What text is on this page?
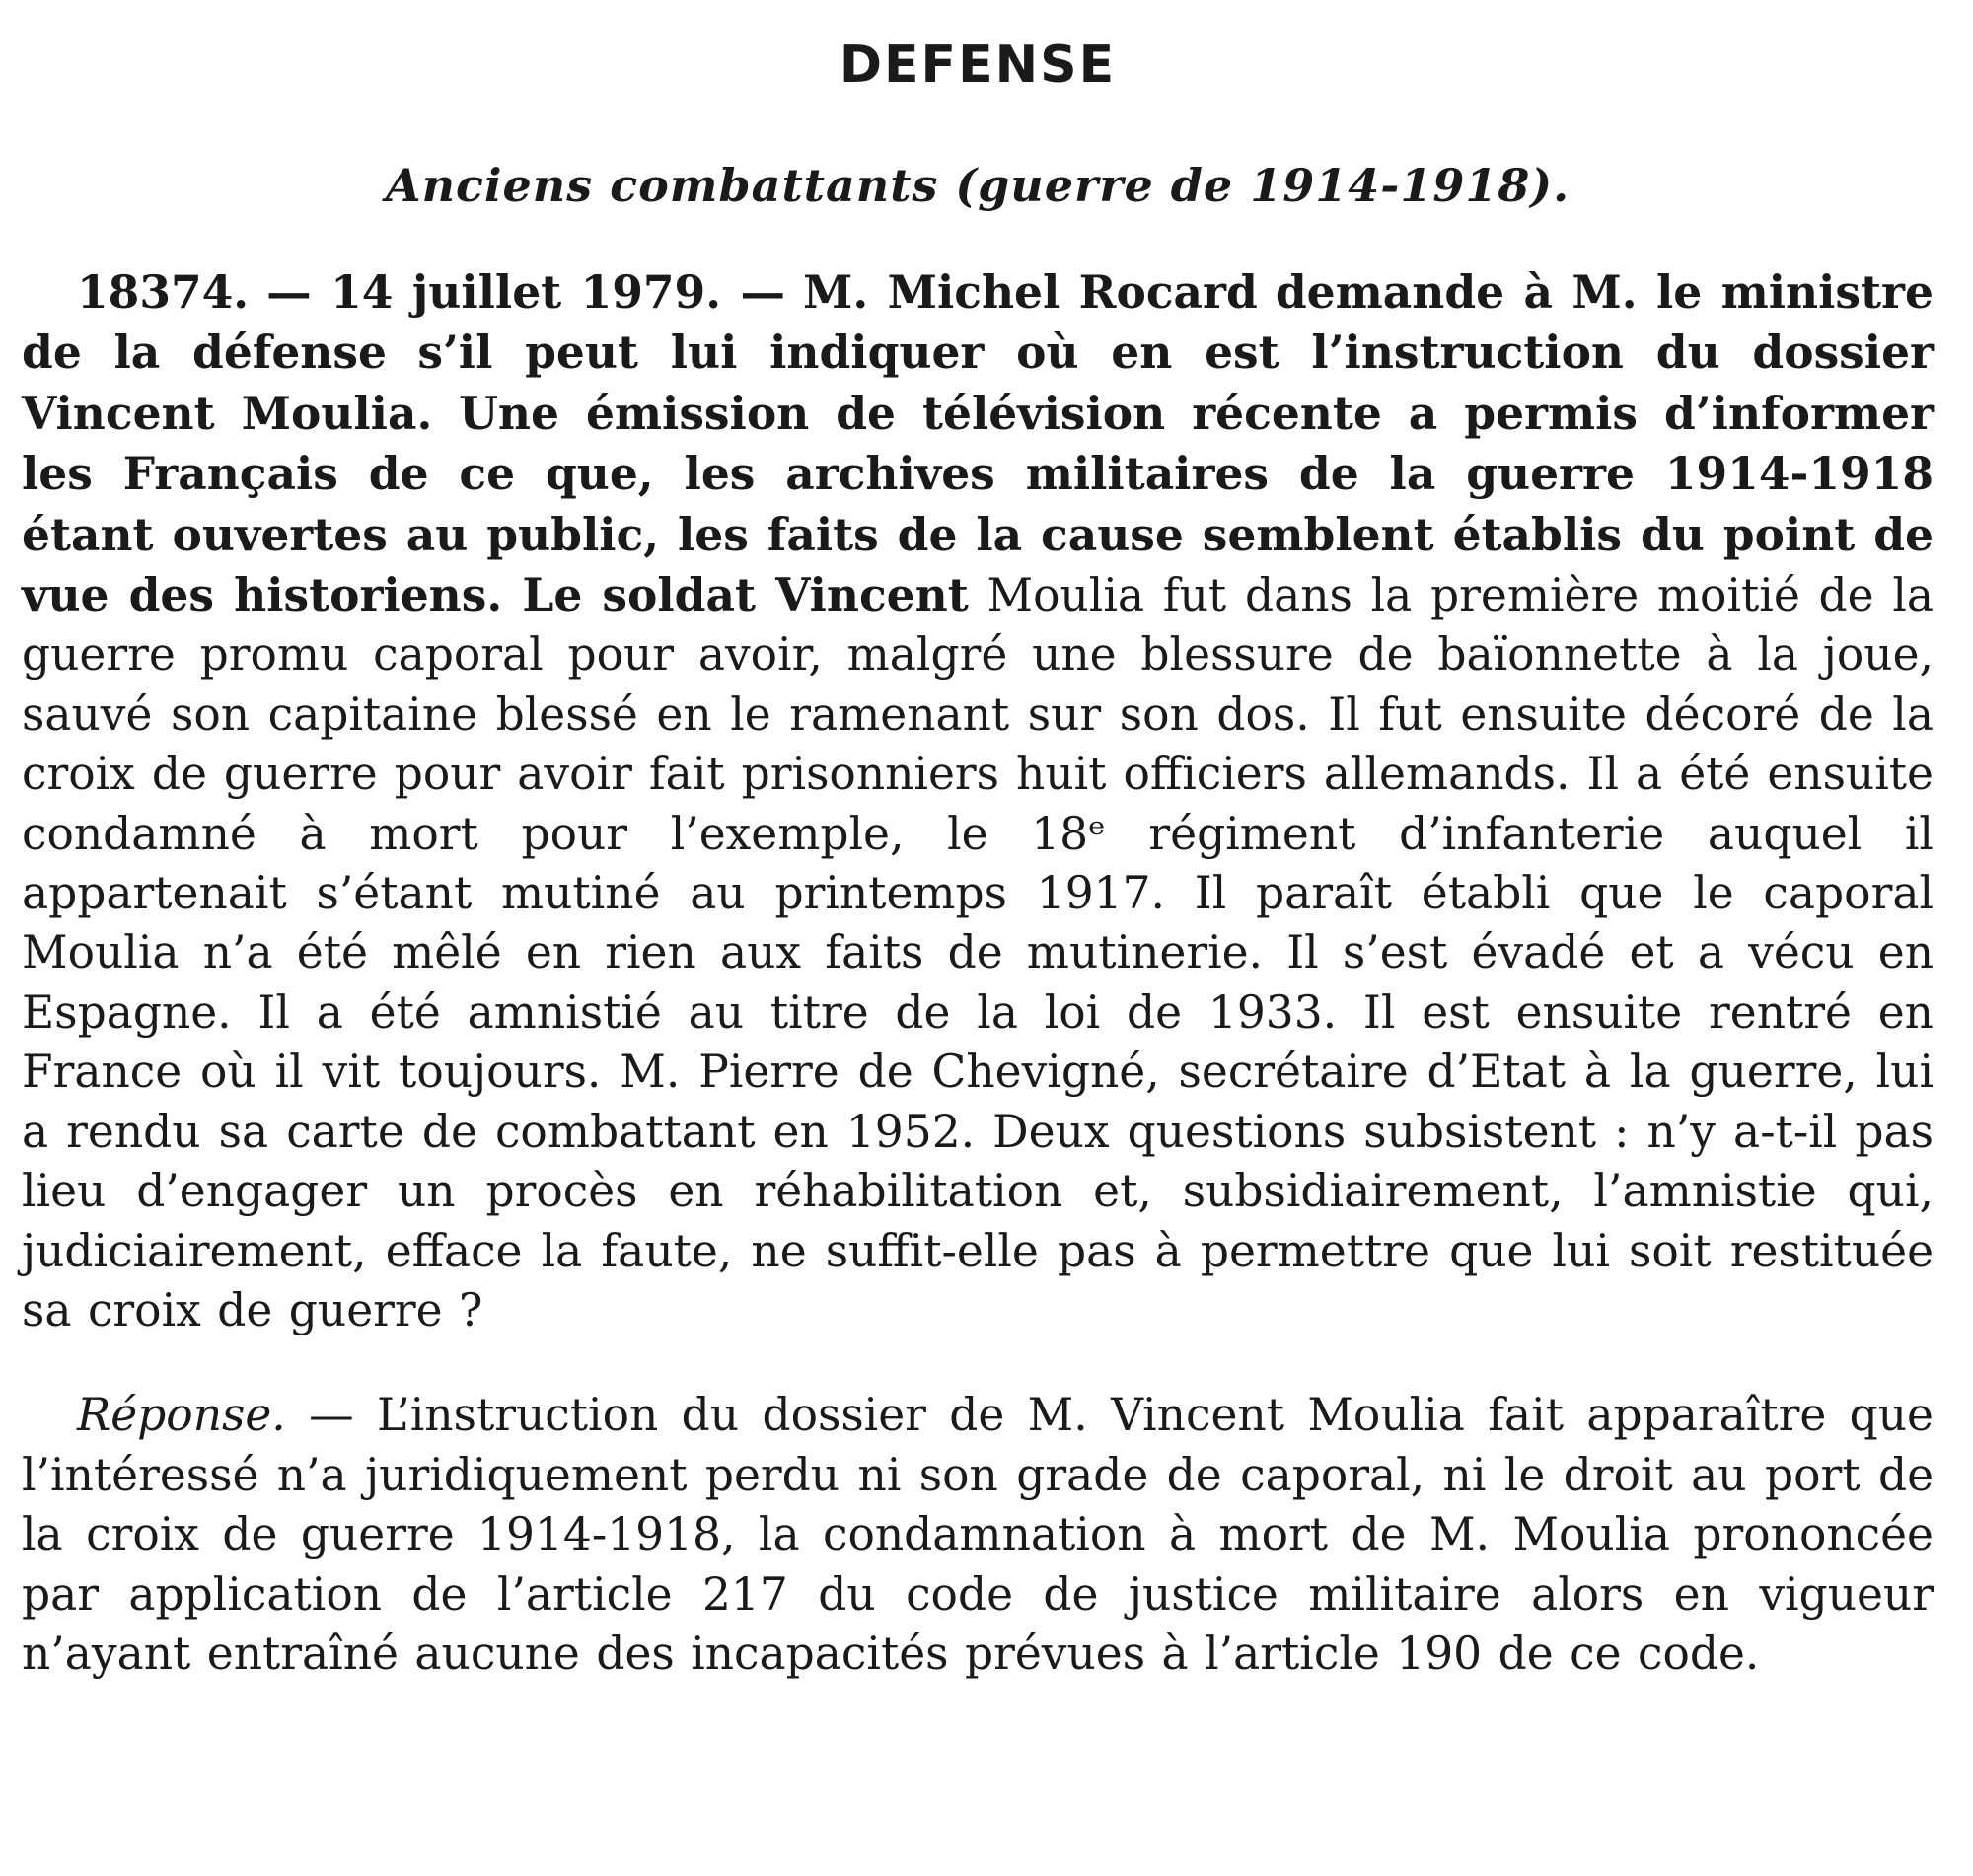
DEFENSE

Anciens combattants (guerre de 1914-1918).

18374. — 14 juillet 1979. — M. Michel Rocard demande à M. le ministre de la défense s’il peut lui indiquer où en est l’instruction du dossier Vincent Moulia. Une émission de télévision récente a permis d’informer les Français de ce que, les archives militaires de la guerre 1914-1918 étant ouvertes au public, les faits de la cause semblent établis du point de vue des historiens. Le soldat Vincent Moulia fut dans la première moitié de la guerre promu caporal pour avoir, malgré une blessure de baïonnette à la joue, sauvé son capitaine blessé en le ramenant sur son dos. Il fut ensuite décoré de la croix de guerre pour avoir fait prisonniers huit officiers allemands. Il a été ensuite condamné à mort pour l’exemple, le 18ᵉ régiment d’infanterie auquel il appartenait s’étant mutiné au printemps 1917. Il paraît établi que le caporal Moulia n’a été mêlé en rien aux faits de mutinerie. Il s’est évadé et a vécu en Espagne. Il a été amnistié au titre de la loi de 1933. Il est ensuite rentré en France où il vit toujours. M. Pierre de Chevigné, secrétaire d’Etat à la guerre, lui a rendu sa carte de combattant en 1952. Deux questions subsistent : n’y a-t-il pas lieu d’engager un procès en réhabilitation et, subsidiairement, l’amnistie qui, judiciairement, efface la faute, ne suffit-elle pas à permettre que lui soit restituée sa croix de guerre ?

Réponse. — L’instruction du dossier de M. Vincent Moulia fait apparaître que l’intéressé n’a juridiquement perdu ni son grade de caporal, ni le droit au port de la croix de guerre 1914-1918, la condamnation à mort de M. Moulia prononcée par application de l’article 217 du code de justice militaire alors en vigueur n’ayant entraîné aucune des incapacités prévues à l’article 190 de ce code.
